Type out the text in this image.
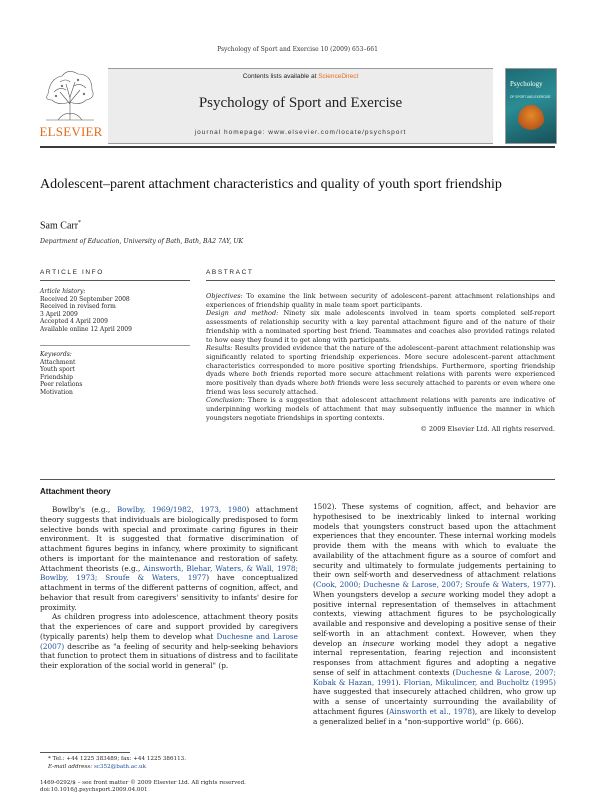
Psychology of Sport and Exercise 10 (2009) 653–661
ELSEVIER
Contents lists available at ScienceDirect
Psychology of Sport and Exercise
journal homepage: www.elsevier.com/locate/psychsport
Psychology
OF SPORT AND EXERCISE
Adolescent–parent attachment characteristics and quality of youth sport friendship
Sam Carr*
Department of Education, University of Bath, Bath, BA2 7AY, UK
ARTICLE INFO	ABSTRACT
Article history:
Received 20 September 2008
Received in revised form
3 April 2009
Accepted 4 April 2009
Available online 12 April 2009
Keywords:
Attachment
Youth sport
Friendship
Peer relations
Motivation

Objectives: To examine the link between security of adolescent–parent attachment relationships and experiences of friendship quality in male team sport participants.

Design and method: Ninety six male adolescents involved in team sports completed self-report assessments of relationship security with a key parental attachment figure and of the nature of their friendship with a nominated sporting best friend. Teammates and coaches also provided ratings related to how easy they found it to get along with participants.

Results: Results provided evidence that the nature of the adolescent–parent attachment relationship was significantly related to sporting friendship experiences. More secure adolescent–parent attachment characteristics corresponded to more positive sporting friendships. Furthermore, sporting friendship dyads where both friends reported more secure attachment relations with parents were experienced more positively than dyads where both friends were less securely attached to parents or even where one friend was less securely attached.

Conclusion: There is a suggestion that adolescent attachment relations with parents are indicative of underpinning working models of attachment that may subsequently influence the manner in which youngsters negotiate friendships in sporting contexts.

© 2009 Elsevier Ltd. All rights reserved.

Attachment theory

Bowlby's (e.g., Bowlby, 1969/1982, 1973, 1980) attachment theory suggests that individuals are biologically predisposed to form selective bonds with special and proximate caring figures in their environment. It is suggested that formative discrimination of attachment figures begins in infancy, where proximity to significant others is important for the maintenance and restoration of safety. Attachment theorists (e.g., Ainsworth, Blehar, Waters, & Wall, 1978; Bowlby, 1973; Sroufe & Waters, 1977) have conceptualized attachment in terms of the different patterns of cognition, affect, and behavior that result from caregivers' sensitivity to infants' desire for proximity.

As children progress into adolescence, attachment theory posits that the experiences of care and support provided by caregivers (typically parents) help them to develop what Duchesne and Larose (2007) describe as "a feeling of security and help-seeking behaviors that function to protect them in situations of distress and to facilitate their exploration of the social world in general" (p.

1502). These systems of cognition, affect, and behavior are hypothesised to be inextricably linked to internal working models that youngsters construct based upon the attachment experiences that they encounter. These internal working models provide them with the means with which to evaluate the availability of the attachment figure as a source of comfort and security and ultimately to formulate judgements pertaining to their own self-worth and deservedness of attachment relations (Cook, 2000; Duchesne & Larose, 2007; Sroufe & Waters, 1977). When youngsters develop a secure working model they adopt a positive internal representation of themselves in attachment contexts, viewing attachment figures to be psychologically available and responsive and developing a positive sense of their self-worth in an attachment context. However, when they develop an insecure working model they adopt a negative internal representation, fearing rejection and inconsistent responses from attachment figures and adopting a negative sense of self in attachment contexts (Duchesne & Larose, 2007; Kobak & Hazan, 1991). Florian, Mikulincer, and Bucholtz (1995) have suggested that insecurely attached children, who grow up with a sense of uncertainty surrounding the availability of attachment figures (Ainsworth et al., 1978), are likely to develop a generalized belief in a "non-supportive world" (p. 666).

* Tel.: +44 1225 383489; fax: +44 1225 386113.
E-mail address: sc352@bath.ac.uk
1469-0292/$ – see front matter © 2009 Elsevier Ltd. All rights reserved.
doi:10.1016/j.psychsport.2009.04.001
